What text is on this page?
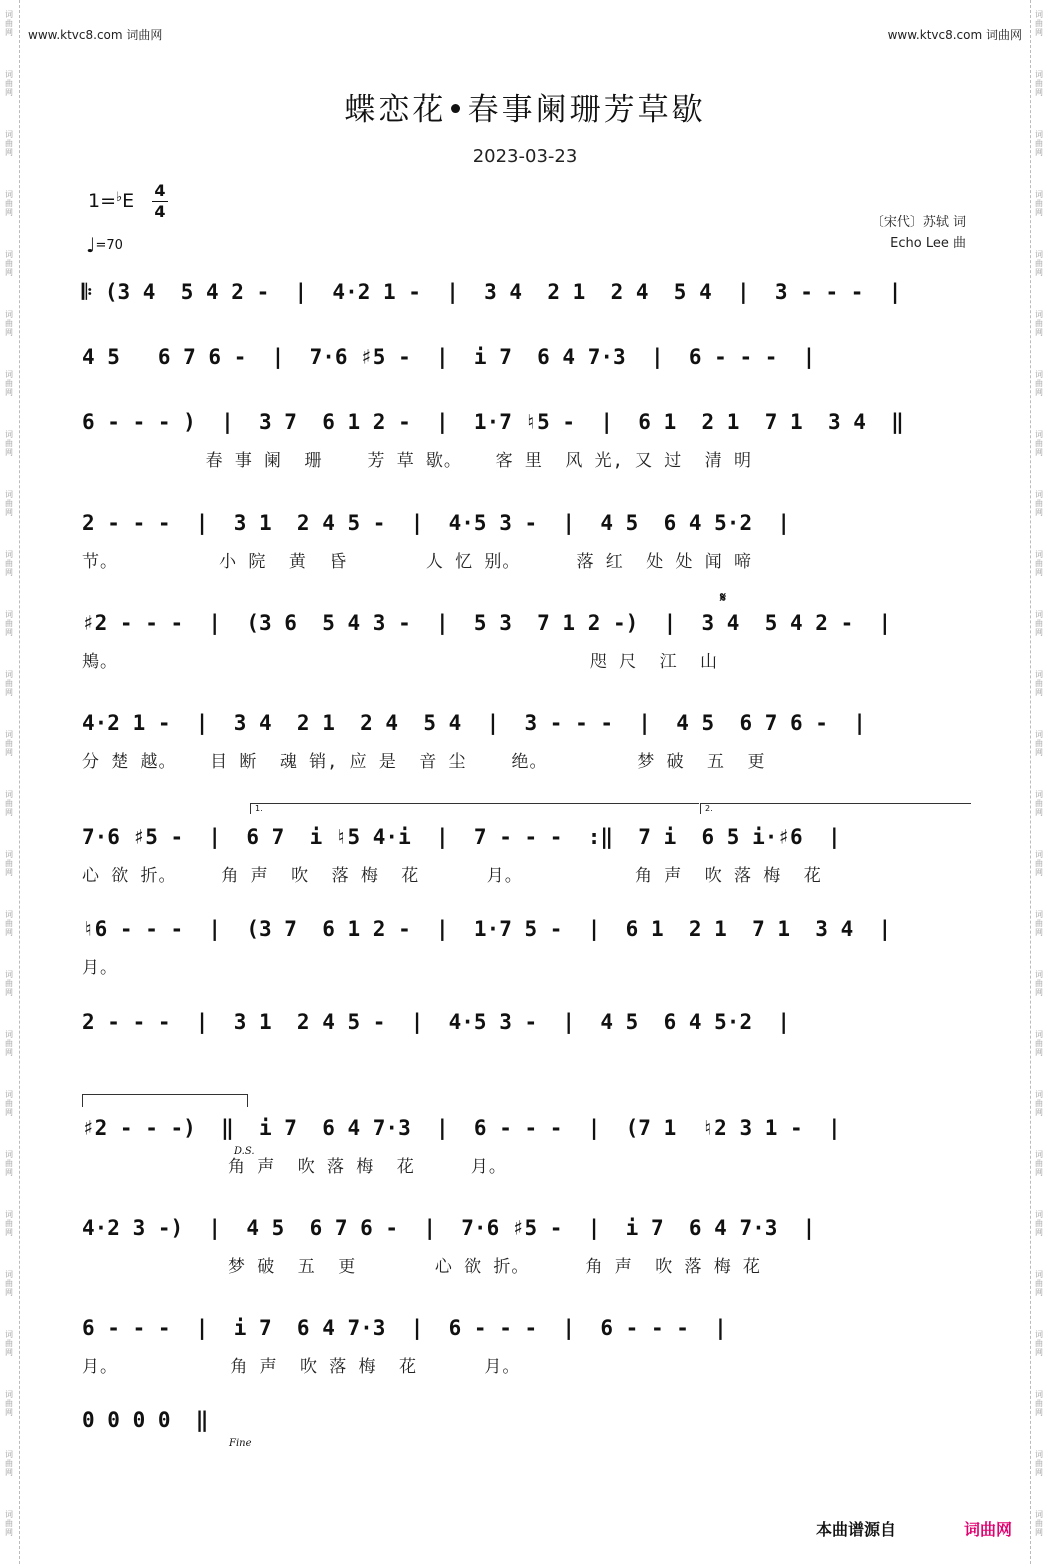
词
曲
网
词
曲
网
词
曲
网
词
曲
网
词
曲
网
词
曲
网
词
曲
网
词
曲
网
词
曲
网
词
曲
网
词
曲
网
词
曲
网
词
曲
网
词
曲
网
词
曲
网
词
曲
网
词
曲
网
词
曲
网
词
曲
网
词
曲
网
词
曲
网
词
曲
网
词
曲
网
词
曲
网
词
曲
网
词
曲
网
词
曲
网
词
曲
网
词
曲
网
词
曲
网
词
曲
网
词
曲
网
词
曲
网
词
曲
网
词
曲
网
词
曲
网
词
曲
网
词
曲
网
词
曲
网
词
曲
网
词
曲
网
词
曲
网
词
曲
网
词
曲
网
词
曲
网
词
曲
网
词
曲
网
词
曲
网
词
曲
网
词
曲
网
词
曲
网
词
曲
网
www.ktvc8.com 词曲网	www.ktvc8.com 词曲网
蝶恋花•春事阑珊芳草歇
2023-03-23
1=♭E 4
4
♩=70
〔宋代〕苏轼 词
Echo Lee 曲
𝄆 (3 4  5 4 2 -  |  4·2 1 -  |  3 4  2 1  2 4  5 4  |  3 - - -  |
4 5   6 7 6 -  |  7·6 ♯5 -  |  i 7  6 4 7·3  |  6 - - -  |
6 - - - )  |  3 7  6 1 2 -  |  1·7 ♮5 -  |  6 1  2 1  7 1  3 4  ‖
春 事 阑  珊    芳 草 歇。   客 里  风 光, 又 过  清 明
2 - - -  |  3 1  2 4 5 -  |  4·5 3 -  |  4 5  6 4 5·2  |
节。         小 院  黄  昏       人 忆 别。     落 红  处 处 闻 啼
♯2 - - -  |  (3 6  5 4 3 -  |  5 3  7 1 2 -)  |  3 4  5 4 2 -  |
鴂。                                          咫 尺  江  山
4·2 1 -  |  3 4  2 1  2 4  5 4  |  3 - - -  |  4 5  6 7 6 -  |
分 楚 越。   目 断  魂 销, 应 是  音 尘    绝。        梦 破  五  更
7·6 ♯5 -  |  6 7  i ♮5 4·i  |  7 - - -  :‖  7 i  6 5 i·♯6  |
心 欲 折。    角 声  吹  落 梅  花      月。          角 声  吹 落 梅  花
♮6 - - -  |  (3 7  6 1 2 -  |  1·7 5 -  |  6 1  2 1  7 1  3 4  |
月。
2 - - -  |  3 1  2 4 5 -  |  4·5 3 -  |  4 5  6 4 5·2  |
♯2 - - -)  ‖  i 7  6 4 7·3  |  6 - - -  |  (7 1  ♮2 3 1 -  |
角 声  吹 落 梅  花     月。
4·2 3 -)  |  4 5  6 7 6 -  |  7·6 ♯5 -  |  i 7  6 4 7·3  |
梦 破  五  更       心 欲 折。     角 声  吹 落 梅 花
6 - - -  |  i 7  6 4 7·3  |  6 - - -  |  6 - - -  |
月。          角 声  吹 落 梅  花      月。
0 0 0 0  ‖
1.	2.
𝄋
D.S.
Fine
本曲谱源自	词曲网
